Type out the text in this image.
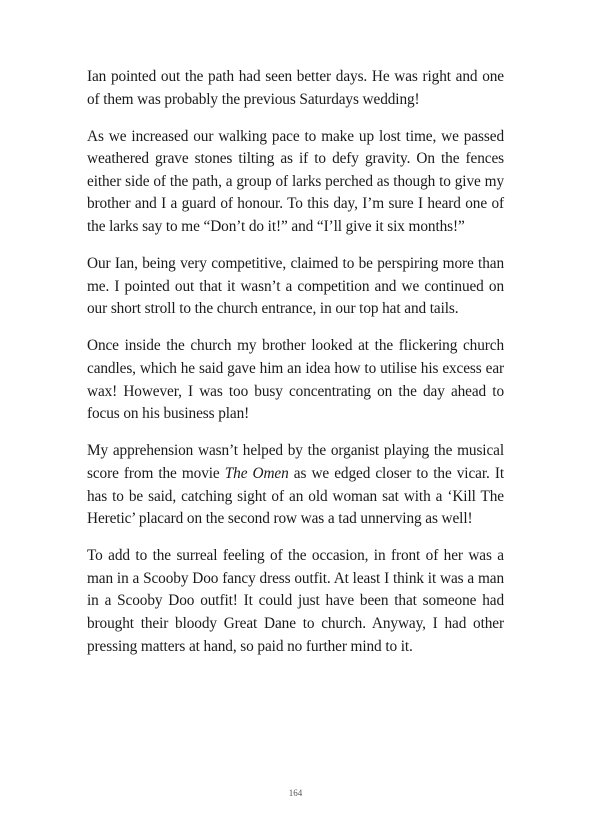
Ian pointed out the path had seen better days. He was right and one of them was probably the previous Saturdays wedding!

As we increased our walking pace to make up lost time, we passed weathered grave stones tilting as if to defy gravity. On the fences either side of the path, a group of larks perched as though to give my brother and I a guard of honour. To this day, I’m sure I heard one of the larks say to me “Don’t do it!” and “I’ll give it six months!”

Our Ian, being very competitive, claimed to be perspiring more than me. I pointed out that it wasn’t a competition and we continued on our short stroll to the church entrance, in our top hat and tails.

Once inside the church my brother looked at the flickering church candles, which he said gave him an idea how to utilise his excess ear wax! However, I was too busy concentrating on the day ahead to focus on his business plan!

My apprehension wasn’t helped by the organist playing the musical score from the movie The Omen as we edged closer to the vicar. It has to be said, catching sight of an old woman sat with a ‘Kill The Heretic’ placard on the second row was a tad unnerving as well!

To add to the surreal feeling of the occasion, in front of her was a man in a Scooby Doo fancy dress outfit. At least I think it was a man in a Scooby Doo outfit! It could just have been that someone had brought their bloody Great Dane to church. Anyway, I had other pressing matters at hand, so paid no further mind to it.

164
